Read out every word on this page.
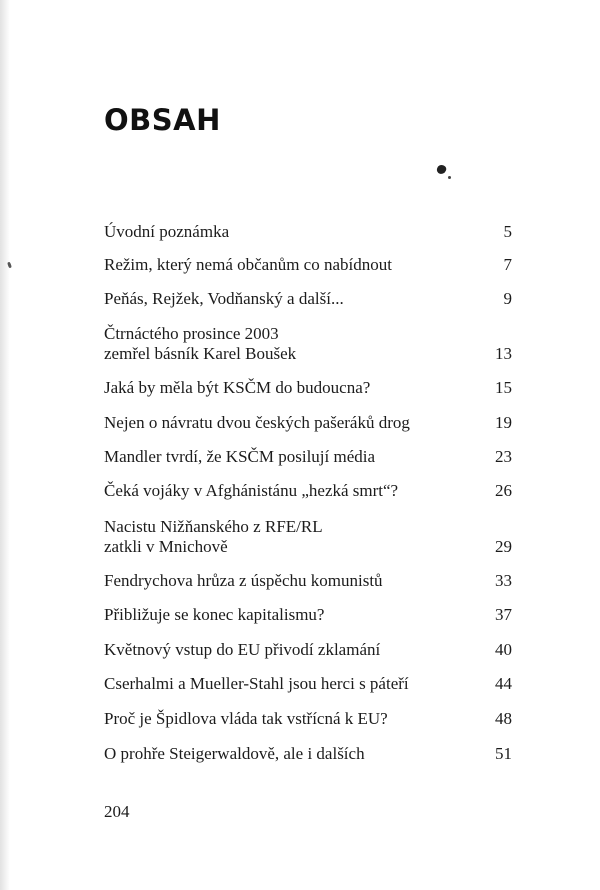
OBSAH
Úvodní poznámka	5
Režim, který nemá občanům co nabídnout	7
Peňás, Rejžek, Vodňanský a další...	9
Čtrnáctého prosince 2003
zemřel básník Karel Boušek	13
Jaká by měla být KSČM do budoucna?	15
Nejen o návratu dvou českých pašeráků drog	19
Mandler tvrdí, že KSČM posilují média	23
Čeká vojáky v Afghánistánu „hezká smrt“?	26
Nacistu Nižňanského z RFE/RL
zatkli v Mnichově	29
Fendrychova hrůza z úspěchu komunistů	33
Přibližuje se konec kapitalismu?	37
Květnový vstup do EU přivodí zklamání	40
Cserhalmi a Mueller-Stahl jsou herci s páteří	44
Proč je Špidlova vláda tak vstřícná k EU?	48
O prohře Steigerwaldově, ale i dalších	51
204
